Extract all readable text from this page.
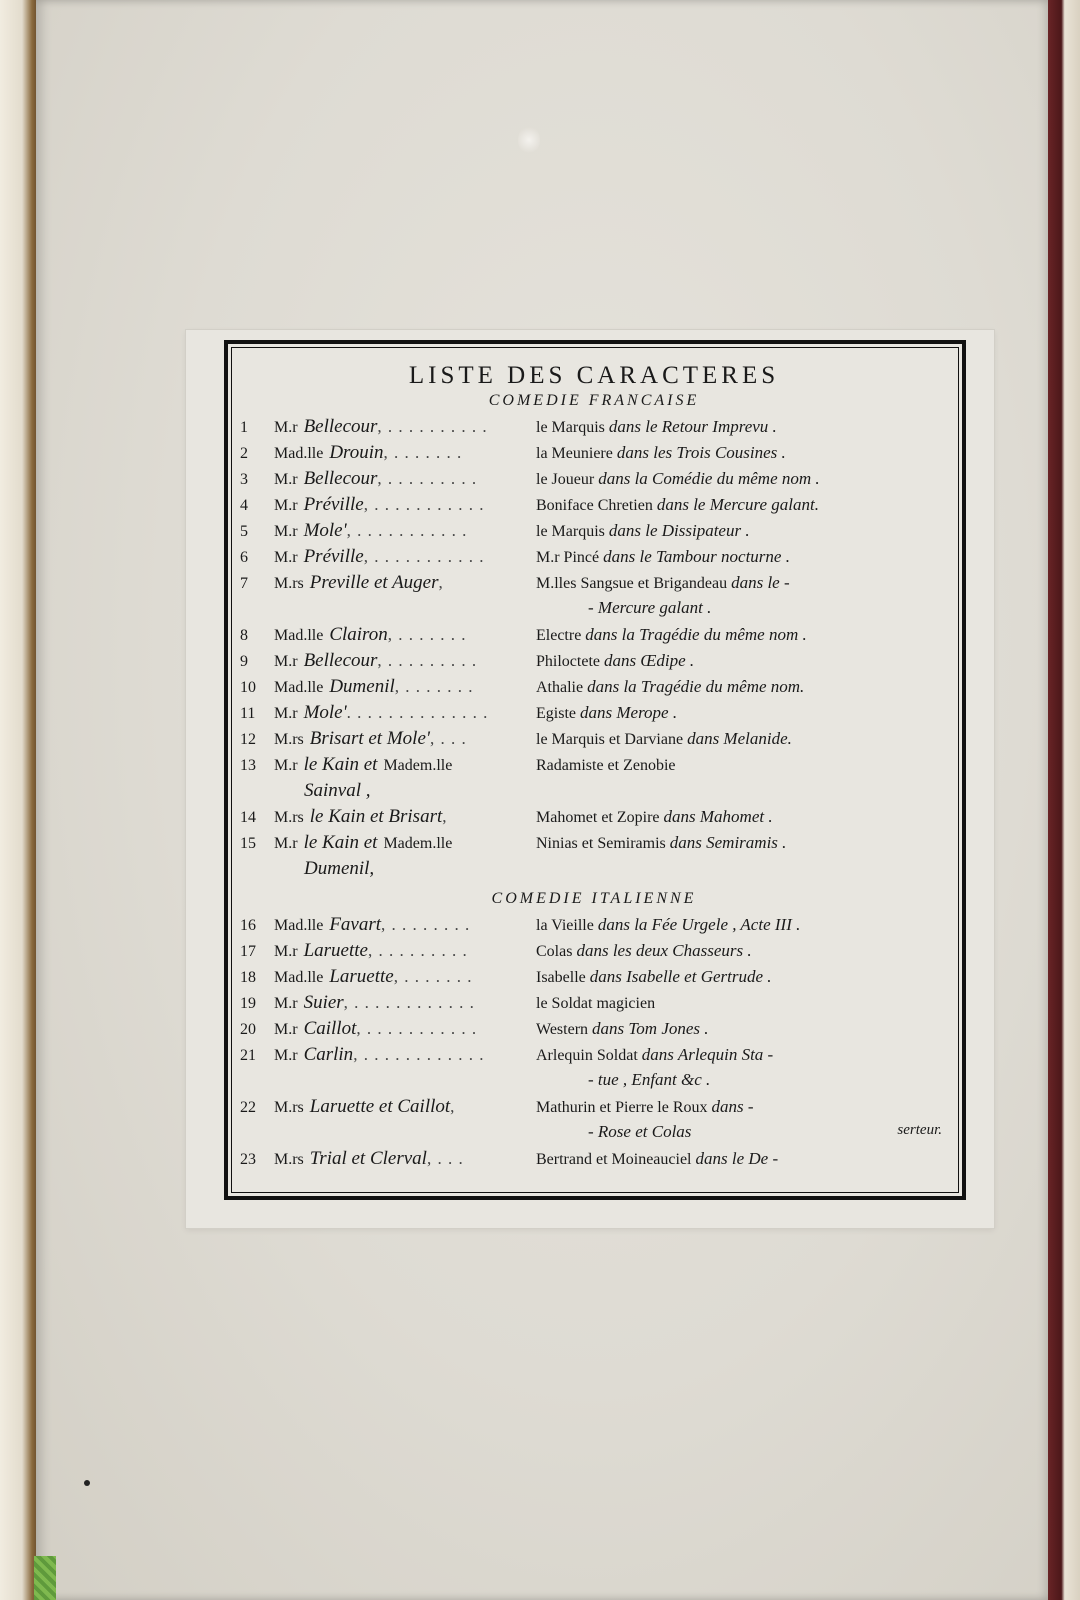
LISTE DES CARACTERES
COMEDIE FRANCAISE
1	M.r Bellecour, . . . . . . . . . .	le Marquis dans le Retour Imprevu .
2	Mad.lle Drouin, . . . . . . .	la Meuniere dans les Trois Cousines .
3	M.r Bellecour, . . . . . . . . .	le Joueur dans la Comédie du même nom .
4	M.r Préville, . . . . . . . . . . .	Boniface Chretien dans le Mercure galant.
5	M.r Mole', . . . . . . . . . . .	le Marquis dans le Dissipateur .
6	M.r Préville, . . . . . . . . . . .	M.r Pincé dans le Tambour nocturne .
7	M.rs Preville et Auger,	M.lles Sangsue et Brigandeau dans le -
- Mercure galant .
8	Mad.lle Clairon, . . . . . . .	Electre dans la Tragédie du même nom .
9	M.r Bellecour, . . . . . . . . .	Philoctete dans Œdipe .
10	Mad.lle Dumenil, . . . . . . .	Athalie dans la Tragédie du même nom.
11	M.r Mole'. . . . . . . . . . . . . .	Egiste dans Merope .
12	M.rs Brisart et Mole', . . .	le Marquis et Darviane dans Melanide.
13	M.r le Kain et Madem.lle	Radamiste et Zenobie
Sainval ,
14	M.rs le Kain et Brisart,	Mahomet et Zopire dans Mahomet .
15	M.r le Kain et Madem.lle	Ninias et Semiramis dans Semiramis .
Dumenil,
COMEDIE ITALIENNE
16	Mad.lle Favart, . . . . . . . .	la Vieille dans la Fée Urgele , Acte III .
17	M.r Laruette, . . . . . . . . .	Colas dans les deux Chasseurs .
18	Mad.lle Laruette, . . . . . . .	Isabelle dans Isabelle et Gertrude .
19	M.r Suier, . . . . . . . . . . . .	le Soldat magicien
20	M.r Caillot, . . . . . . . . . . .	Western dans Tom Jones .
21	M.r Carlin, . . . . . . . . . . . .	Arlequin Soldat dans Arlequin Sta -
- tue , Enfant &c .
22	M.rs Laruette et Caillot,	Mathurin et Pierre le Roux dans -
- Rose et Colas	serteur.
23	M.rs Trial et Clerval, . . .	Bertrand et Moineauciel dans le De -
